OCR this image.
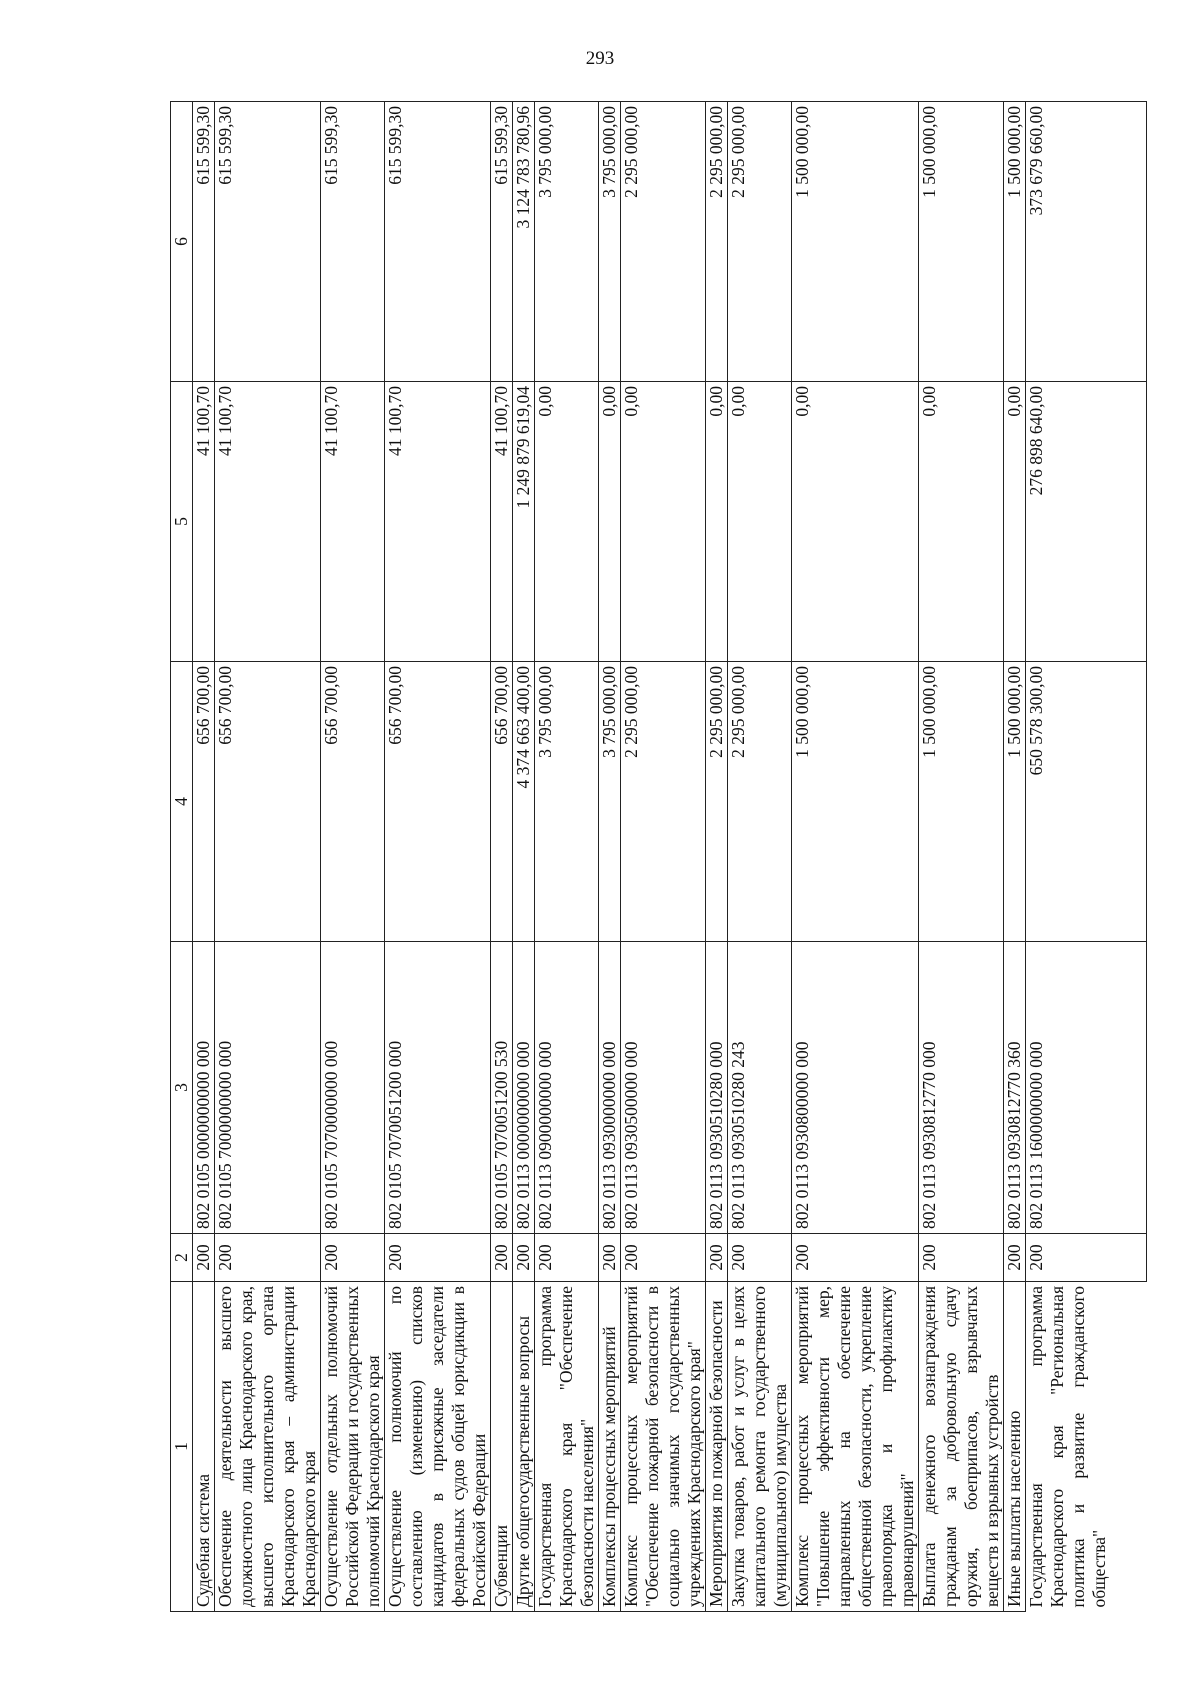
293
1	2	3	4	5	6
Судебная система	200	802 0105 0000000000 000	656 700,00	41 100,70	615 599,30
Обеспечение деятельности высшего должностного лица Краснодарского края, высшего исполнительного органа Краснодарского края – администрации Краснодарского края	200	802 0105 7000000000 000	656 700,00	41 100,70	615 599,30
Осуществление отдельных полномочий Российской Федерации и государственных полномочий Краснодарского края	200	802 0105 7070000000 000	656 700,00	41 100,70	615 599,30
Осуществление полномочий по составлению (изменению) списков кандидатов в присяжные заседатели федеральных судов общей юрисдикции в Российской Федерации	200	802 0105 7070051200 000	656 700,00	41 100,70	615 599,30
Субвенции	200	802 0105 7070051200 530	656 700,00	41 100,70	615 599,30
Другие общегосударственные вопросы	200	802 0113 0000000000 000	4 374 663 400,00	1 249 879 619,04	3 124 783 780,96
Государственная программа Краснодарского края "Обеспечение безопасности населения"	200	802 0113 0900000000 000	3 795 000,00	0,00	3 795 000,00
Комплексы процессных мероприятий	200	802 0113 0930000000 000	3 795 000,00	0,00	3 795 000,00
Комплекс процессных мероприятий "Обеспечение пожарной безопасности в социально значимых государственных учреждениях Краснодарского края"	200	802 0113 0930500000 000	2 295 000,00	0,00	2 295 000,00
Мероприятия по пожарной безопасности	200	802 0113 0930510280 000	2 295 000,00	0,00	2 295 000,00
Закупка товаров, работ и услуг в целях капитального ремонта государственного (муниципального) имущества	200	802 0113 0930510280 243	2 295 000,00	0,00	2 295 000,00
Комплекс процессных мероприятий "Повышение эффективности мер, направленных на обеспечение общественной безопасности, укрепление правопорядка и профилактику правонарушений"	200	802 0113 0930800000 000	1 500 000,00	0,00	1 500 000,00
Выплата денежного вознаграждения гражданам за добровольную сдачу оружия, боеприпасов, взрывчатых веществ и взрывных устройств	200	802 0113 0930812770 000	1 500 000,00	0,00	1 500 000,00
Иные выплаты населению	200	802 0113 0930812770 360	1 500 000,00	0,00	1 500 000,00
Государственная программа Краснодарского края "Региональная политика и развитие гражданского общества"	200	802 0113 1600000000 000	650 578 300,00	276 898 640,00	373 679 660,00
